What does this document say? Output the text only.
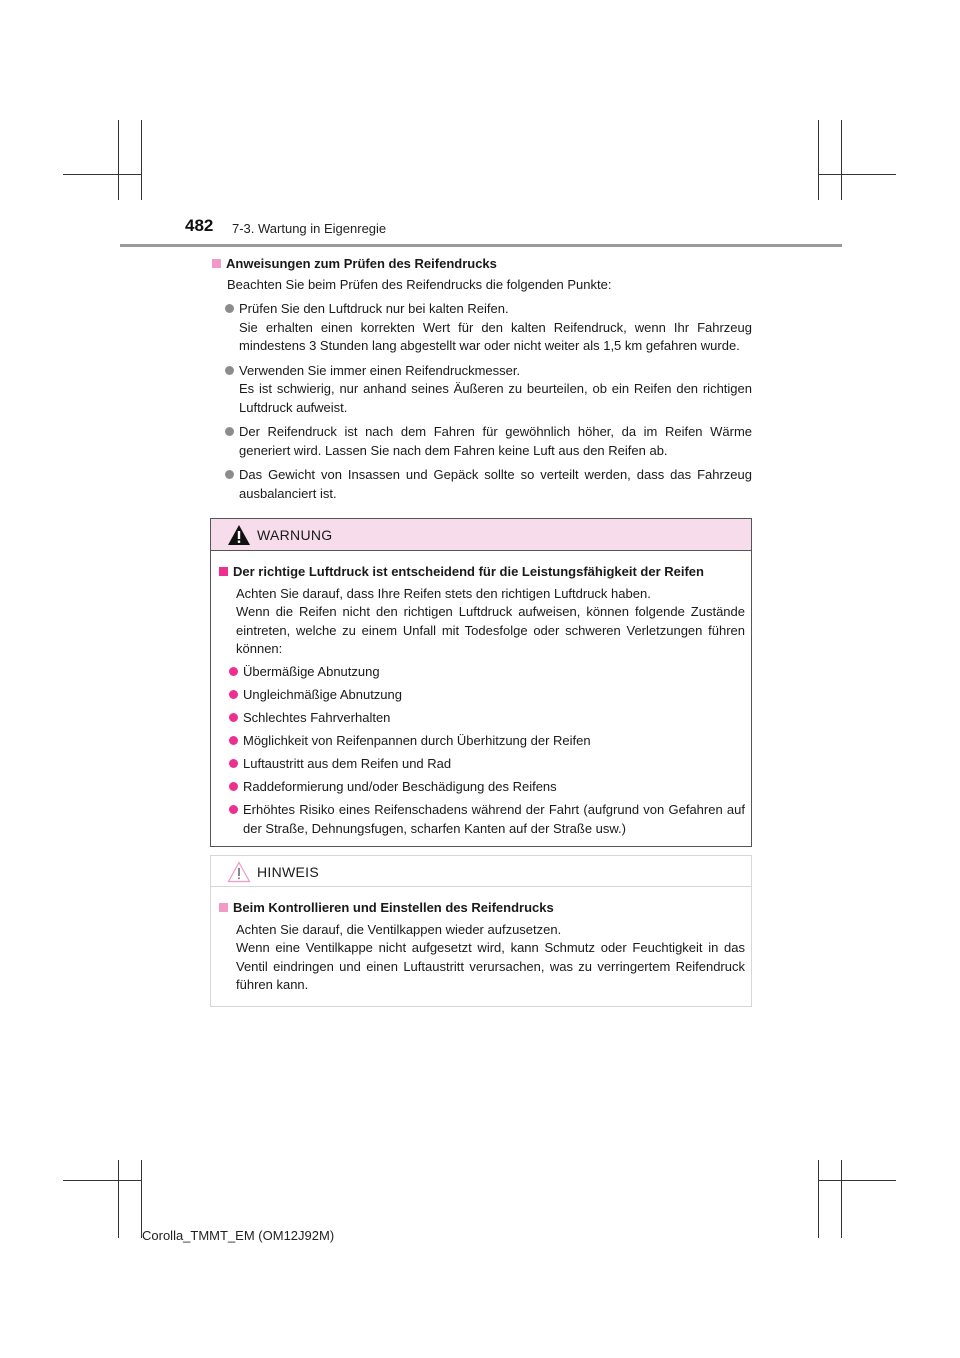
482 7-3. Wartung in Eigenregie
Anweisungen zum Prüfen des Reifendrucks
Beachten Sie beim Prüfen des Reifendrucks die folgenden Punkte:
Prüfen Sie den Luftdruck nur bei kalten Reifen.
Sie erhalten einen korrekten Wert für den kalten Reifendruck, wenn Ihr Fahrzeug mindestens 3 Stunden lang abgestellt war oder nicht weiter als 1,5 km gefahren wurde.
Verwenden Sie immer einen Reifendruckmesser.
Es ist schwierig, nur anhand seines Äußeren zu beurteilen, ob ein Reifen den richtigen Luftdruck aufweist.
Der Reifendruck ist nach dem Fahren für gewöhnlich höher, da im Reifen Wärme generiert wird. Lassen Sie nach dem Fahren keine Luft aus den Reifen ab.
Das Gewicht von Insassen und Gepäck sollte so verteilt werden, dass das Fahrzeug ausbalanciert ist.
WARNUNG
Der richtige Luftdruck ist entscheidend für die Leistungsfähigkeit der Reifen
Achten Sie darauf, dass Ihre Reifen stets den richtigen Luftdruck haben.
Wenn die Reifen nicht den richtigen Luftdruck aufweisen, können folgende Zustände eintreten, welche zu einem Unfall mit Todesfolge oder schweren Verletzungen führen können:
Übermäßige Abnutzung
Ungleichmäßige Abnutzung
Schlechtes Fahrverhalten
Möglichkeit von Reifenpannen durch Überhitzung der Reifen
Luftaustritt aus dem Reifen und Rad
Raddeformierung und/oder Beschädigung des Reifens
Erhöhtes Risiko eines Reifenschadens während der Fahrt (aufgrund von Gefahren auf der Straße, Dehnungsfugen, scharfen Kanten auf der Straße usw.)
HINWEIS
Beim Kontrollieren und Einstellen des Reifendrucks
Achten Sie darauf, die Ventilkappen wieder aufzusetzen.
Wenn eine Ventilkappe nicht aufgesetzt wird, kann Schmutz oder Feuchtigkeit in das Ventil eindringen und einen Luftaustritt verursachen, was zu verringertem Reifendruck führen kann.
Corolla_TMMT_EM (OM12J92M)
